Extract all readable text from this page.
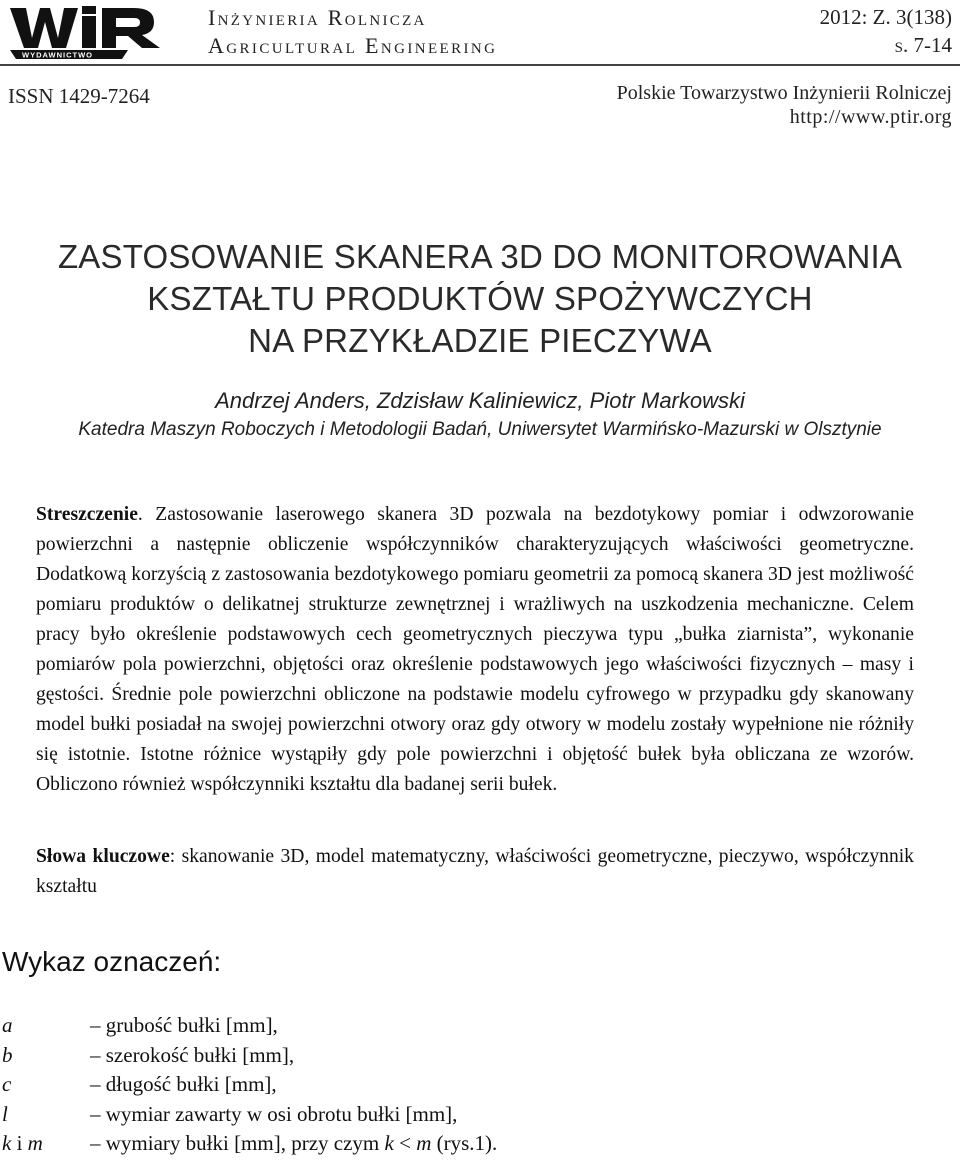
WYDAWNICTWO
Inżynieria Rolnicza
Agricultural Engineering
2012: Z. 3(138)
s. 7-14
ISSN 1429-7264	Polskie Towarzystwo Inżynierii Rolniczej
http://www.ptir.org
ZASTOSOWANIE SKANERA 3D DO MONITOROWANIA
KSZTAŁTU PRODUKTÓW SPOŻYWCZYCH
NA PRZYKŁADZIE PIECZYWA
Andrzej Anders, Zdzisław Kaliniewicz, Piotr Markowski
Katedra Maszyn Roboczych i Metodologii Badań, Uniwersytet Warmińsko-Mazurski w Olsztynie
Streszczenie. Zastosowanie laserowego skanera 3D pozwala na bezdotykowy pomiar i odwzorowanie powierzchni a następnie obliczenie współczynników charakteryzujących właściwości geometryczne. Dodatkową korzyścią z zastosowania bezdotykowego pomiaru geometrii za pomocą skanera 3D jest możliwość pomiaru produktów o delikatnej strukturze zewnętrznej i wrażliwych na uszkodzenia mechaniczne. Celem pracy było określenie podstawowych cech geometrycznych pieczywa typu „bułka ziarnista”, wykonanie pomiarów pola powierzchni, objętości oraz określenie podstawowych jego właściwości fizycznych – masy i gęstości. Średnie pole powierzchni obliczone na podstawie modelu cyfrowego w przypadku gdy skanowany model bułki posiadał na swojej powierzchni otwory oraz gdy otwory w modelu zostały wypełnione nie różniły się istotnie. Istotne różnice wystąpiły gdy pole powierzchni i objętość bułek była obliczana ze wzorów. Obliczono również współczynniki kształtu dla badanej serii bułek.
Słowa kluczowe: skanowanie 3D, model matematyczny, właściwości geometryczne, pieczywo, współczynnik kształtu
Wykaz oznaczeń:
a	– grubość bułki [mm],
b	– szerokość bułki [mm],
c	– długość bułki [mm],
l	– wymiar zawarty w osi obrotu bułki [mm],
k i m – wymiary bułki [mm], przy czym k < m (rys.1).
